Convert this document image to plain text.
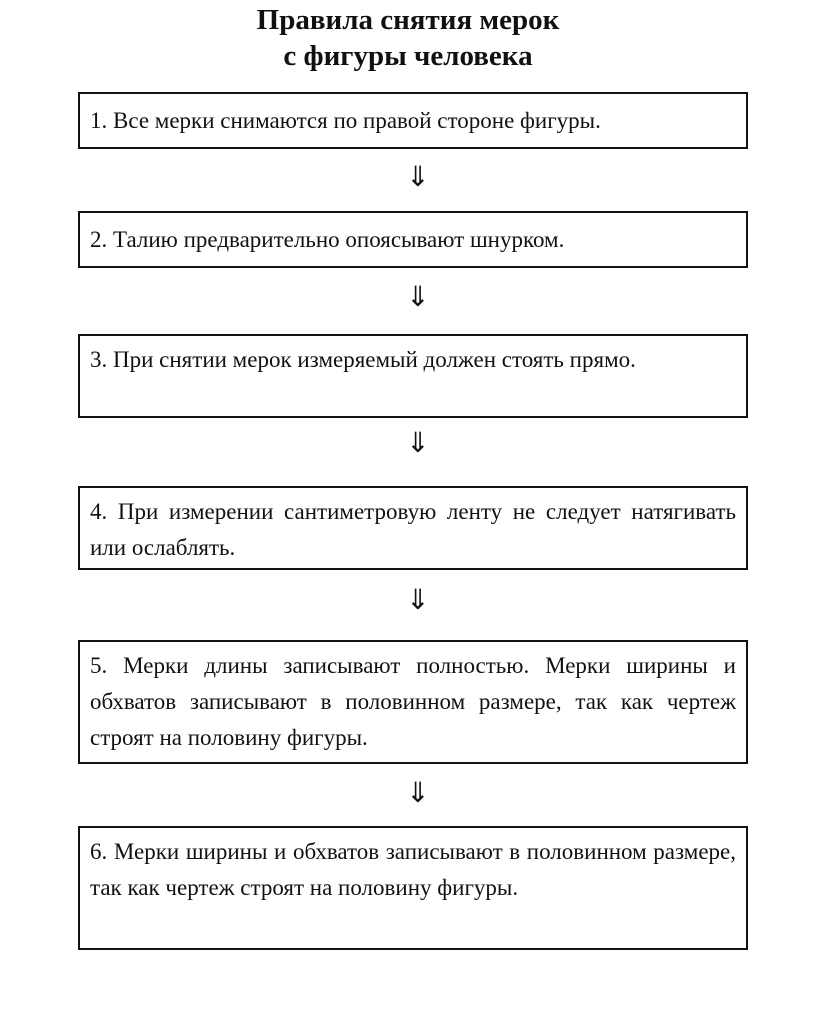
Правила снятия мерок
с фигуры человека
1. Все мерки снимаются по правой стороне фигуры.
⇓
2. Талию предварительно опоясывают шнурком.
⇓
3. При снятии мерок измеряемый должен стоять прямо.
⇓
4. При измерении сантиметровую ленту не следует натягивать или ослаблять.
⇓
5. Мерки длины записывают полностью. Мерки ширины и обхватов записывают в половинном размере, так как чертеж строят на половину фигуры.
⇓
6. Мерки ширины и обхватов записывают в половинном размере, так как чертеж строят на половину фигуры.
